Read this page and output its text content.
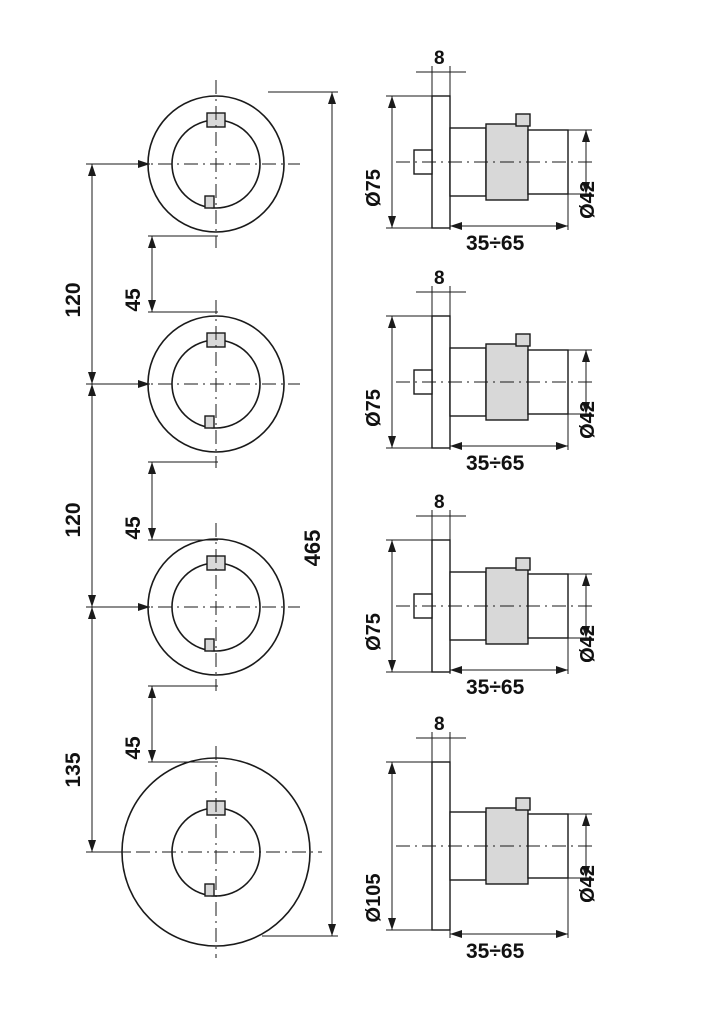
120
120
135
45
45
45
465
8
Ø75	Ø42
35÷65
8
Ø75	Ø42
35÷65
8
Ø75	Ø42
35÷65
8
Ø105	Ø42
35÷65
